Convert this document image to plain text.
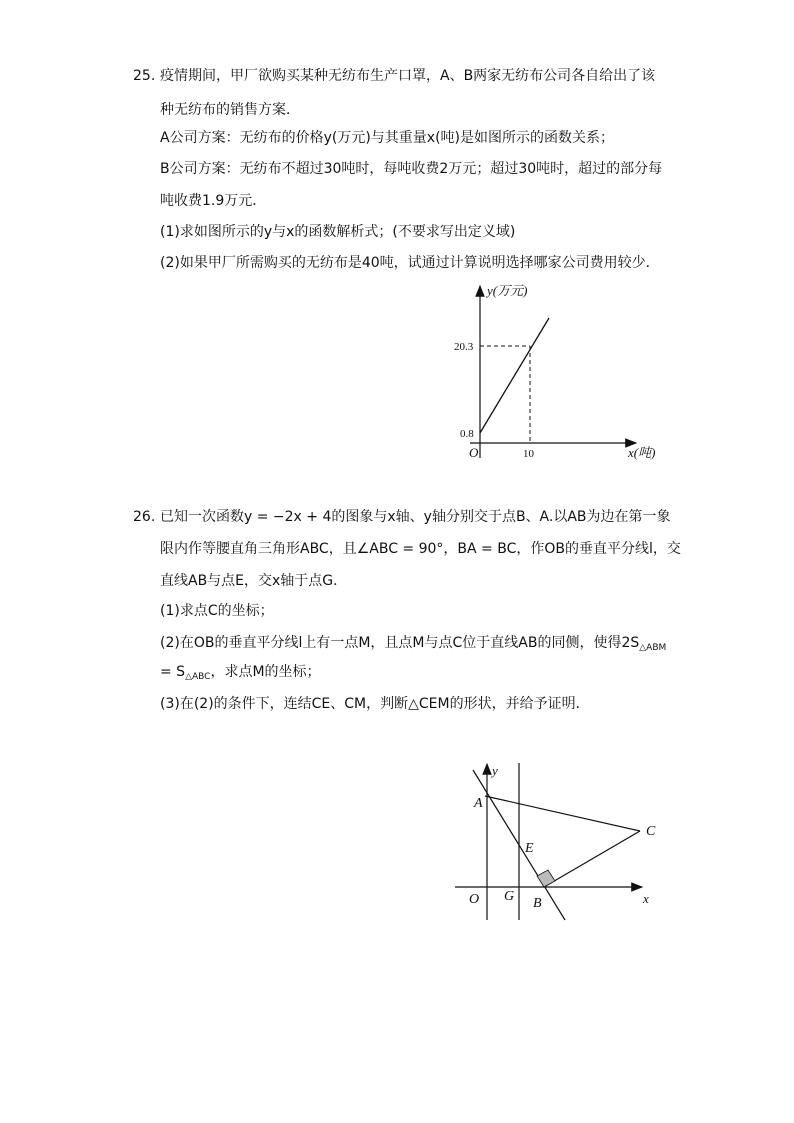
25. 疫情期间，甲厂欲购买某种无纺布生产口罩，A、B两家无纺布公司各自给出了该
种无纺布的销售方案．
A公司方案：无纺布的价格y(万元)与其重量x(吨)是如图所示的函数关系；
B公司方案：无纺布不超过30吨时，每吨收费2万元；超过30吨时，超过的部分每
吨收费1.9万元．
(1)求如图所示的y与x的函数解析式；(不要求写出定义域)
(2)如果甲厂所需购买的无纺布是40吨，试通过计算说明选择哪家公司费用较少．
y(万元)
20.3
0.8
O	10	x(吨)
26. 已知一次函数y = −2x + 4的图象与x轴、y轴分别交于点B、A.以AB为边在第一象
限内作等腰直角三角形ABC，且∠ABC = 90°，BA = BC，作OB的垂直平分线l，交
直线AB与点E，交x轴于点G．
(1)求点C的坐标；
(2)在OB的垂直平分线l上有一点M，且点M与点C位于直线AB的同侧，使得$2S_{\triangle ABM}$
= $S_{\triangle ABC}$，求点M的坐标；
(3)在(2)的条件下，连结CE、CM，判断△CEM的形状，并给予证明．
y
A
C
E
O G B	x
